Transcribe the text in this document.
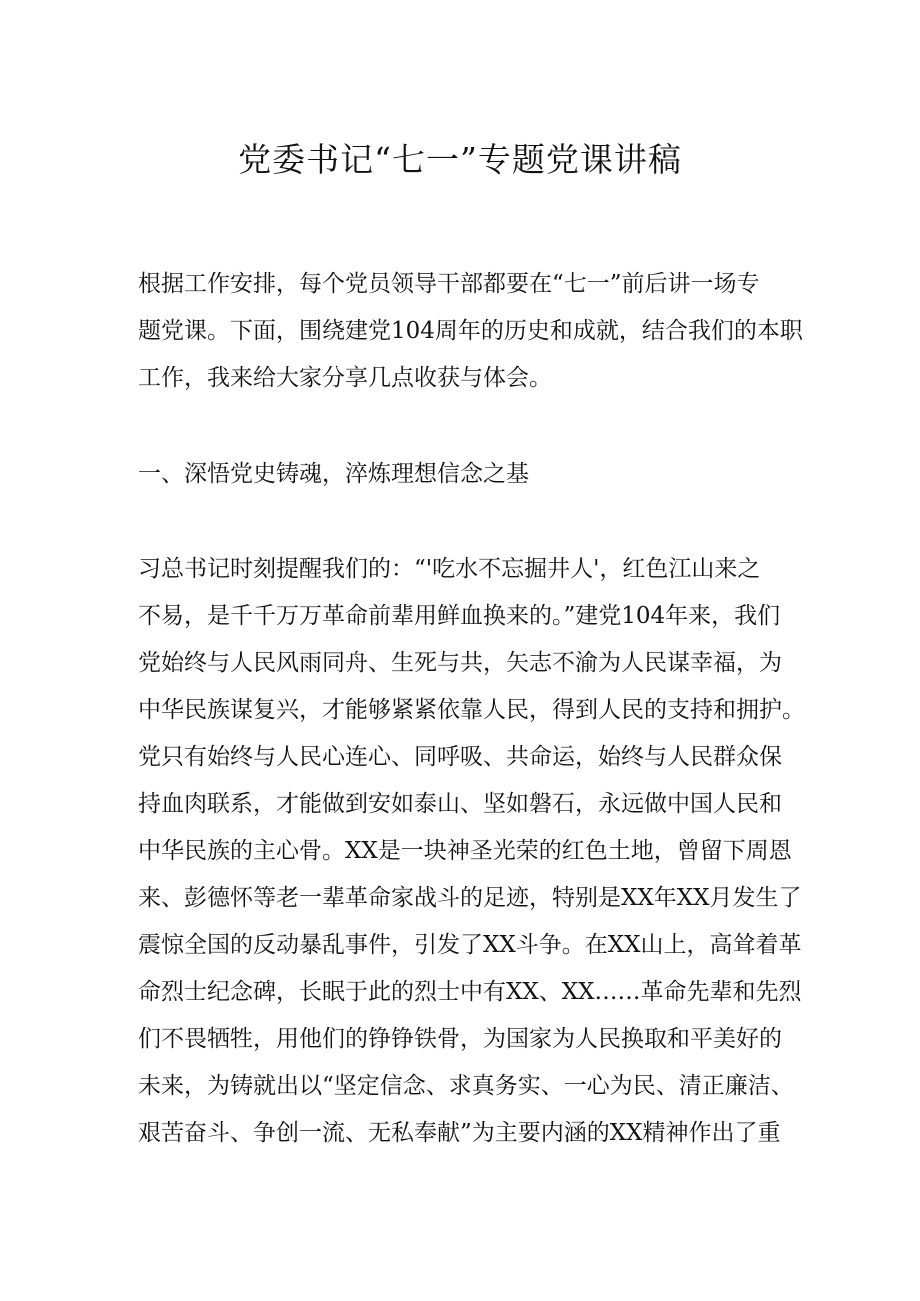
党委书记“七一”专题党课讲稿

根据工作安排，每个党员领导干部都要在“七一”前后讲一场专

题党课。下面，围绕建党104周年的历史和成就，结合我们的本职

工作，我来给大家分享几点收获与体会。

一、深悟党史铸魂，淬炼理想信念之基

习总书记时刻提醒我们的：“'吃水不忘掘井人'，红色江山来之

不易，是千千万万革命前辈用鲜血换来的。”建党104年来，我们

党始终与人民风雨同舟、生死与共，矢志不渝为人民谋幸福，为

中华民族谋复兴，才能够紧紧依靠人民，得到人民的支持和拥护。

党只有始终与人民心连心、同呼吸、共命运，始终与人民群众保

持血肉联系，才能做到安如泰山、坚如磐石，永远做中国人民和

中华民族的主心骨。XX是一块神圣光荣的红色土地，曾留下周恩

来、彭德怀等老一辈革命家战斗的足迹，特别是XX年XX月发生了

震惊全国的反动暴乱事件，引发了XX斗争。在XX山上，高耸着革

命烈士纪念碑，长眠于此的烈士中有XX、XX……革命先辈和先烈

们不畏牺牲，用他们的铮铮铁骨，为国家为人民换取和平美好的

未来，为铸就出以“坚定信念、求真务实、一心为民、清正廉洁、

艰苦奋斗、争创一流、无私奉献”为主要内涵的XX精神作出了重
